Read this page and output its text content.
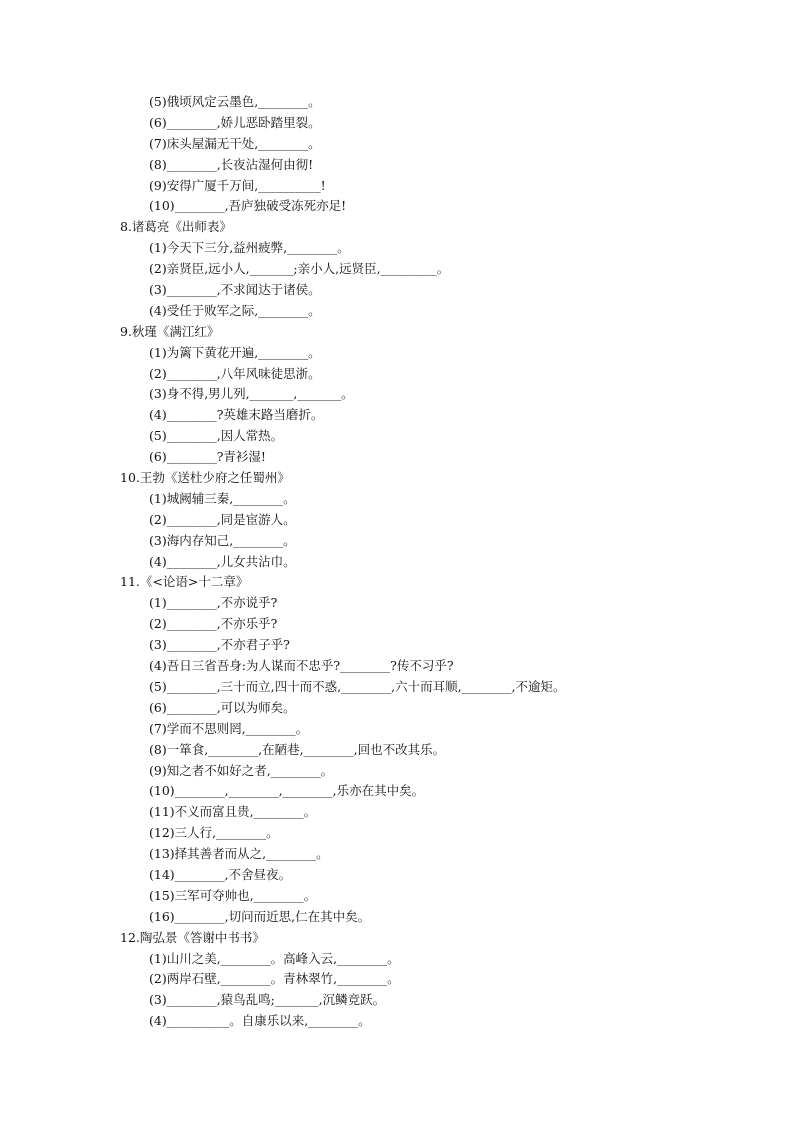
(5)俄顷风定云墨色,________。
(6)________,娇儿恶卧踏里裂。
(7)床头屋漏无干处,________。
(8)________,长夜沾湿何由彻!
(9)安得广厦千万间,__________!
(10)________,吾庐独破受冻死亦足!
8.诸葛亮《出师表》
(1)今天下三分,益州疲弊,________。
(2)亲贤臣,远小人,_______;亲小人,远贤臣,_________。
(3)________,不求闻达于诸侯。
(4)受任于败军之际,________。
9.秋瑾《满江红》
(1)为篱下黄花开遍,________。
(2)________,八年风味徒思浙。
(3)身不得,男儿列,_______,_______。
(4)________?英雄末路当磨折。
(5)________,因人常热。
(6)________?青衫湿!
10.王勃《送杜少府之任蜀州》
(1)城阙辅三秦,________。
(2)________,同是宦游人。
(3)海内存知己,________。
(4)________,儿女共沾巾。
11.《<论语>十二章》
(1)________,不亦说乎?
(2)________,不亦乐乎?
(3)________,不亦君子乎?
(4)吾日三省吾身:为人谋而不忠乎?________?传不习乎?
(5)________,三十而立,四十而不惑,________,六十而耳顺,________,不逾矩。
(6)________,可以为师矣。
(7)学而不思则罔,________。
(8)一箪食,________,在陋巷,________,回也不改其乐。
(9)知之者不如好之者,________。
(10)________,________,________,乐亦在其中矣。
(11)不义而富且贵,________。
(12)三人行,________。
(13)择其善者而从之,________。
(14)________,不舍昼夜。
(15)三军可夺帅也,________。
(16)________,切问而近思,仁在其中矣。
12.陶弘景《答谢中书书》
(1)山川之美,________。高峰入云,________。
(2)两岸石壁,________。青林翠竹,________。
(3)________,猿鸟乱鸣;_______,沉鳞竞跃。
(4)__________。自康乐以来,________。
